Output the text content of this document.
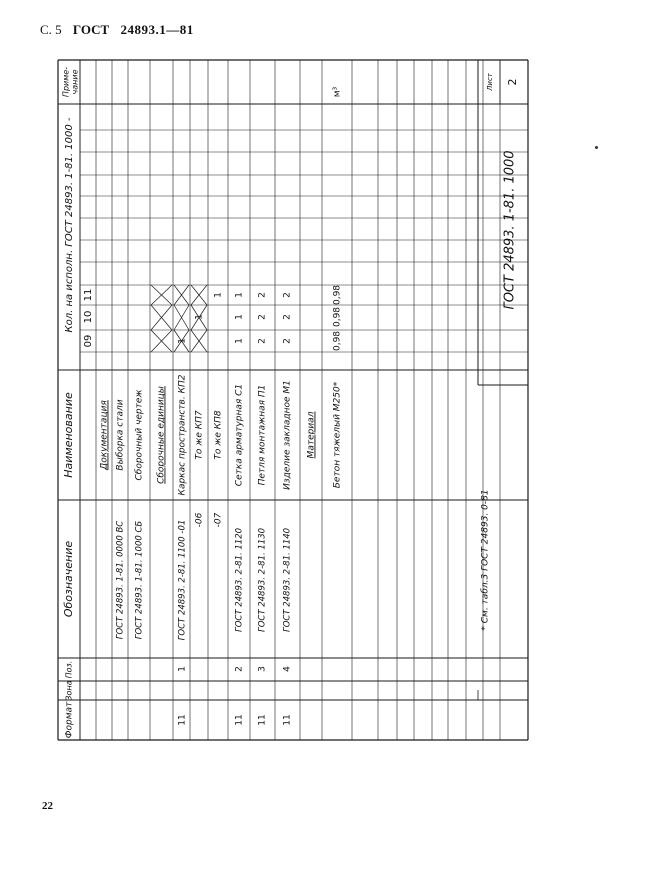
С. 5 ГОСТ 24893.1—81
Формат
Зона
Поз.
Обозначение
Наименование
Кол. на исполн. ГОСТ 24893. 1-81. 1000 -
Приме- чание
09
10
11
Документация
ГОСТ 24893. 1-81. 0000 ВС
Выборка стали
ГОСТ 24893. 1-81. 1000 СБ
Сборочный чертеж Сборочные единицы
11
1
ГОСТ 24893. 2-81. 1100 -01
Каркас пространств. КП2
1
-06
То же КП7
1
-07
То же КП8
1
11
2
ГОСТ 24893. 2-81. 1120
Сетка арматурная С1
1
1
1
11
3
ГОСТ 24893. 2-81. 1130
Петля монтажная П1
2
2
2
11
4
ГОСТ 24893. 2-81. 1140
Изделие закладное М1
2
2
2
Материал Бетон тяжелый М250*
0,98
0,98
0,98
м³
* См. табл.3 ГОСТ 24893. 0-81
ГОСТ 24893. 1-81. 1000
Лист 2
22
